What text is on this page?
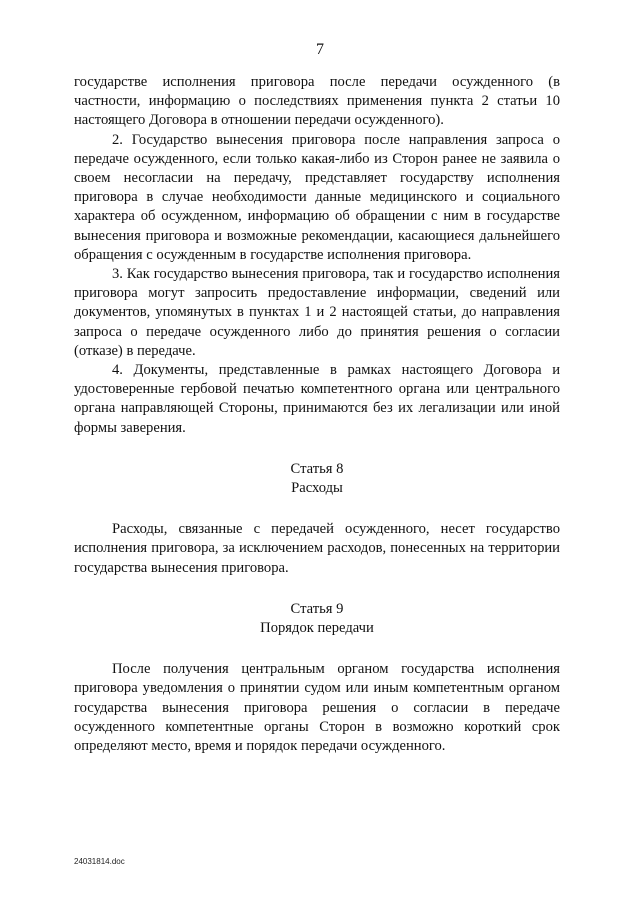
7

государстве исполнения приговора после передачи осужденного (в частности, информацию о последствиях применения пункта 2 статьи 10 настоящего Договора в отношении передачи осужденного).

2. Государство вынесения приговора после направления запроса о передаче осужденного, если только какая-либо из Сторон ранее не заявила о своем несогласии на передачу, представляет государству исполнения приговора в случае необходимости данные медицинского и социального характера об осужденном, информацию об обращении с ним в государстве вынесения приговора и возможные рекомендации, касающиеся дальнейшего обращения с осужденным в государстве исполнения приговора.

3. Как государство вынесения приговора, так и государство исполнения приговора могут запросить предоставление информации, сведений или документов, упомянутых в пунктах 1 и 2 настоящей статьи, до направления запроса о передаче осужденного либо до принятия решения о согласии (отказе) в передаче.

4. Документы, представленные в рамках настоящего Договора и удостоверенные гербовой печатью компетентного органа или центрального органа направляющей Стороны, принимаются без их легализации или иной формы заверения.

Статья 8
Расходы

Расходы, связанные с передачей осужденного, несет государство исполнения приговора, за исключением расходов, понесенных на территории государства вынесения приговора.

Статья 9
Порядок передачи

После получения центральным органом государства исполнения приговора уведомления о принятии судом или иным компетентным органом государства вынесения приговора решения о согласии в передаче осужденного компетентные органы Сторон в возможно короткий срок определяют место, время и порядок передачи осужденного.

24031814.doc
